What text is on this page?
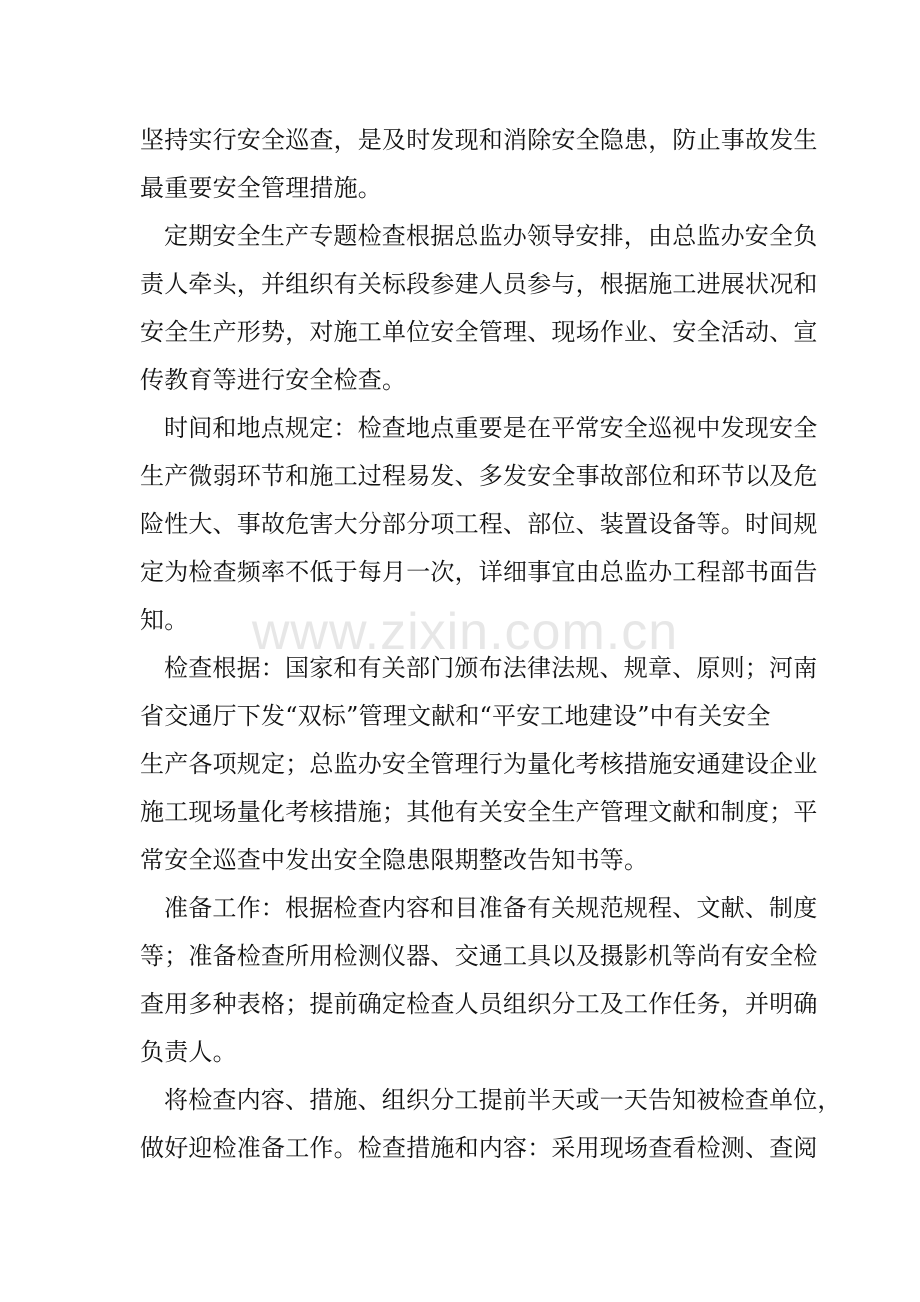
坚持实行安全巡查，是及时发现和消除安全隐患，防止事故发生
最重要安全管理措施。
定期安全生产专题检查根据总监办领导安排，由总监办安全负
责人牵头，并组织有关标段参建人员参与，根据施工进展状况和
安全生产形势，对施工单位安全管理、现场作业、安全活动、宣
传教育等进行安全检查。
时间和地点规定：检查地点重要是在平常安全巡视中发现安全
生产微弱环节和施工过程易发、多发安全事故部位和环节以及危
险性大、事故危害大分部分项工程、部位、装置设备等。时间规
定为检查频率不低于每月一次，详细事宜由总监办工程部书面告
知。
检查根据：国家和有关部门颁布法律法规、规章、原则；河南
省交通厅下发“双标”管理文献和“平安工地建设”中有关安全
生产各项规定；总监办安全管理行为量化考核措施安通建设企业
施工现场量化考核措施；其他有关安全生产管理文献和制度；平
常安全巡查中发出安全隐患限期整改告知书等。
准备工作：根据检查内容和目准备有关规范规程、文献、制度
等；准备检查所用检测仪器、交通工具以及摄影机等尚有安全检
查用多种表格；提前确定检查人员组织分工及工作任务，并明确
负责人。
将检查内容、措施、组织分工提前半天或一天告知被检查单位，
做好迎检准备工作。检查措施和内容：采用现场查看检测、查阅
www.zixin.com.cn
